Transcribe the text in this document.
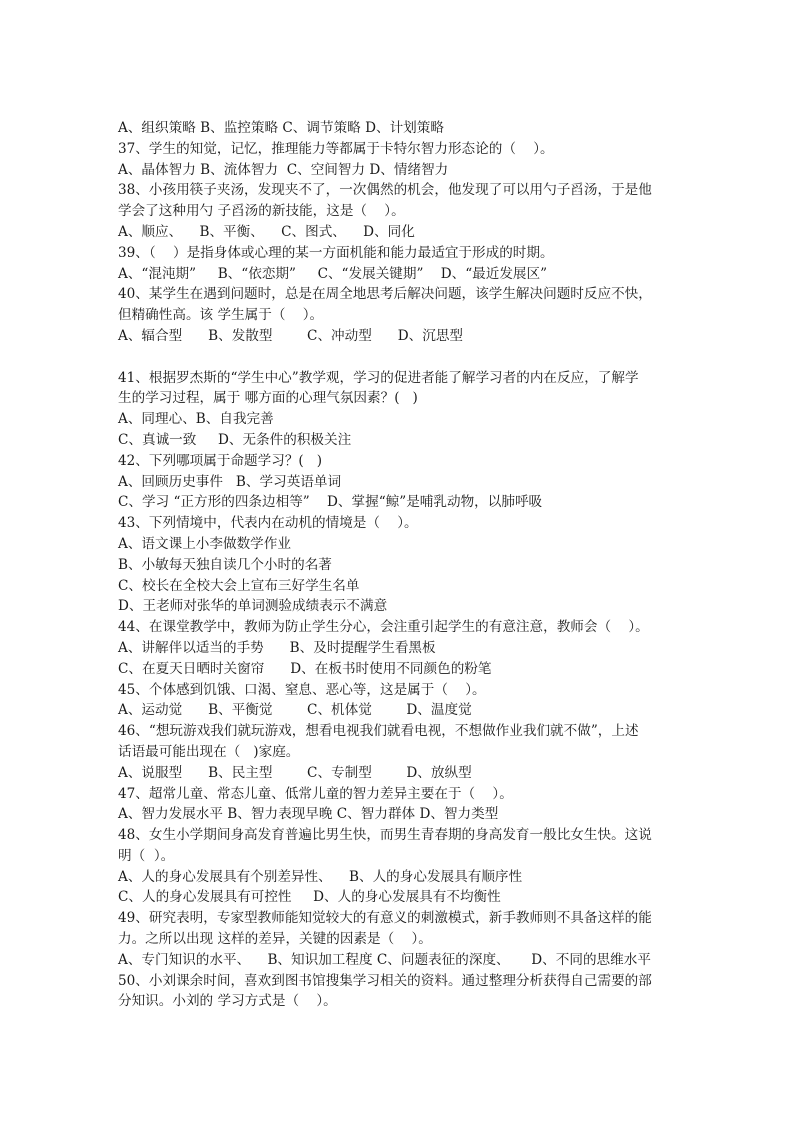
A、组织策略 B、监控策略 C、调节策略 D、计划策略
37、学生的知觉，记忆，推理能力等都属于卡特尔智力形态论的（    ）。
A、晶体智力 B、流体智力  C、空间智力 D、情绪智力
38、小孩用筷子夹汤，发现夹不了，一次偶然的机会，他发现了可以用勺子舀汤，于是他
学会了这种用勺 子舀汤的新技能，这是（    ）。
A、顺应、    B、平衡、    C、图式、    D、同化
39、（    ）是指身体或心理的某一方面机能和能力最适宜于形成的时期。
A、“混沌期”     B、“依恋期”     C、“发展关键期”    D、“最近发展区”
40、某学生在遇到问题时，总是在周全地思考后解决问题，该学生解决问题时反应不快，
但精确性高。该 学生属于（    ）。
A、辐合型      B、发散型        C、冲动型      D、沉思型
41、根据罗杰斯的“学生中心”教学观，学习的促进者能了解学习者的内在反应，了解学
生的学习过程，属于 哪方面的心理气氛因素？(   )
A、同理心、B、自我完善
C、真诚一致     D、无条件的积极关注
42、下列哪项属于命题学习？(   )
A、回顾历史事件   B、学习英语单词
C、学习 “正方形的四条边相等”    D、掌握“鲸”是哺乳动物，以肺呼吸
43、下列情境中，代表内在动机的情境是（    ）。
A、语文课上小李做数学作业
B、小敏每天独自读几个小时的名著
C、校长在全校大会上宣布三好学生名单
D、王老师对张华的单词测验成绩表示不满意
44、在课堂教学中，教师为防止学生分心，会注重引起学生的有意注意，教师会（    ）。
A、讲解伴以适当的手势      B、及时提醒学生看黑板
C、在夏天日晒时关窗帘      D、在板书时使用不同颜色的粉笔
45、个体感到饥饿、口渴、窒息、恶心等，这是属于（    ）。
A、运动觉      B、平衡觉        C、机体觉        D、温度觉
46、“想玩游戏我们就玩游戏，想看电视我们就看电视，不想做作业我们就不做”，上述
话语最可能出现在（   )家庭。
A、说服型      B、民主型        C、专制型        D、放纵型
47、超常儿童、常态儿童、低常儿童的智力差异主要在于（    ）。
A、智力发展水平 B、智力表现早晚 C、智力群体 D、智力类型
48、女生小学期间身高发育普遍比男生快，而男生青春期的身高发育一般比女生快。这说
明（  ）。
A、人的身心发展具有个别差异性、    B、人的身心发展具有顺序性
C、人的身心发展具有可控性     D、人的身心发展具有不均衡性
49、研究表明，专家型教师能知觉较大的有意义的刺激模式，新手教师则不具备这样的能
力。之所以出现 这样的差异，关键的因素是（    ）。
A、专门知识的水平、    B、知识加工程度 C、问题表征的深度、     D、不同的思维水平
50、小刘课余时间，喜欢到图书馆搜集学习相关的资料。通过整理分析获得自己需要的部
分知识。小刘的 学习方式是（    ）。
